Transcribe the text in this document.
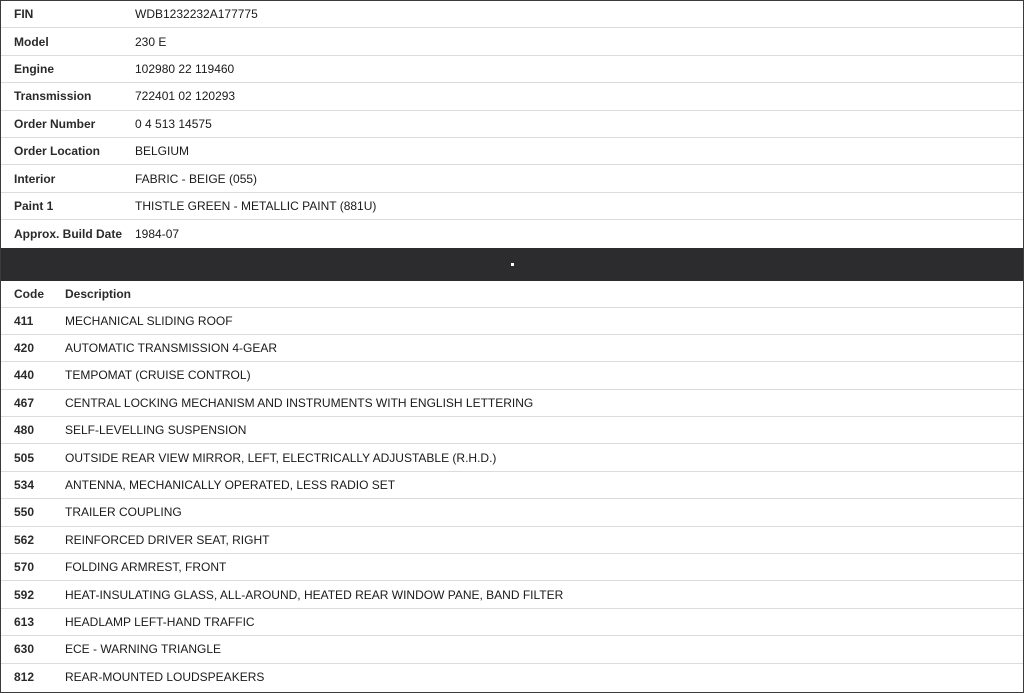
FIN	WDB1232232A177775
Model	230 E
Engine	102980 22 119460
Transmission	722401 02 120293
Order Number	0 4 513 14575
Order Location	BELGIUM
Interior	FABRIC - BEIGE (055)
Paint 1	THISTLE GREEN - METALLIC PAINT (881U)
Approx. Build Date	1984-07
Code	Description
411	MECHANICAL SLIDING ROOF
420	AUTOMATIC TRANSMISSION 4-GEAR
440	TEMPOMAT (CRUISE CONTROL)
467	CENTRAL LOCKING MECHANISM AND INSTRUMENTS WITH ENGLISH LETTERING
480	SELF-LEVELLING SUSPENSION
505	OUTSIDE REAR VIEW MIRROR, LEFT, ELECTRICALLY ADJUSTABLE (R.H.D.)
534	ANTENNA, MECHANICALLY OPERATED, LESS RADIO SET
550	TRAILER COUPLING
562	REINFORCED DRIVER SEAT, RIGHT
570	FOLDING ARMREST, FRONT
592	HEAT-INSULATING GLASS, ALL-AROUND, HEATED REAR WINDOW PANE, BAND FILTER
613	HEADLAMP LEFT-HAND TRAFFIC
630	ECE - WARNING TRIANGLE
812	REAR-MOUNTED LOUDSPEAKERS
